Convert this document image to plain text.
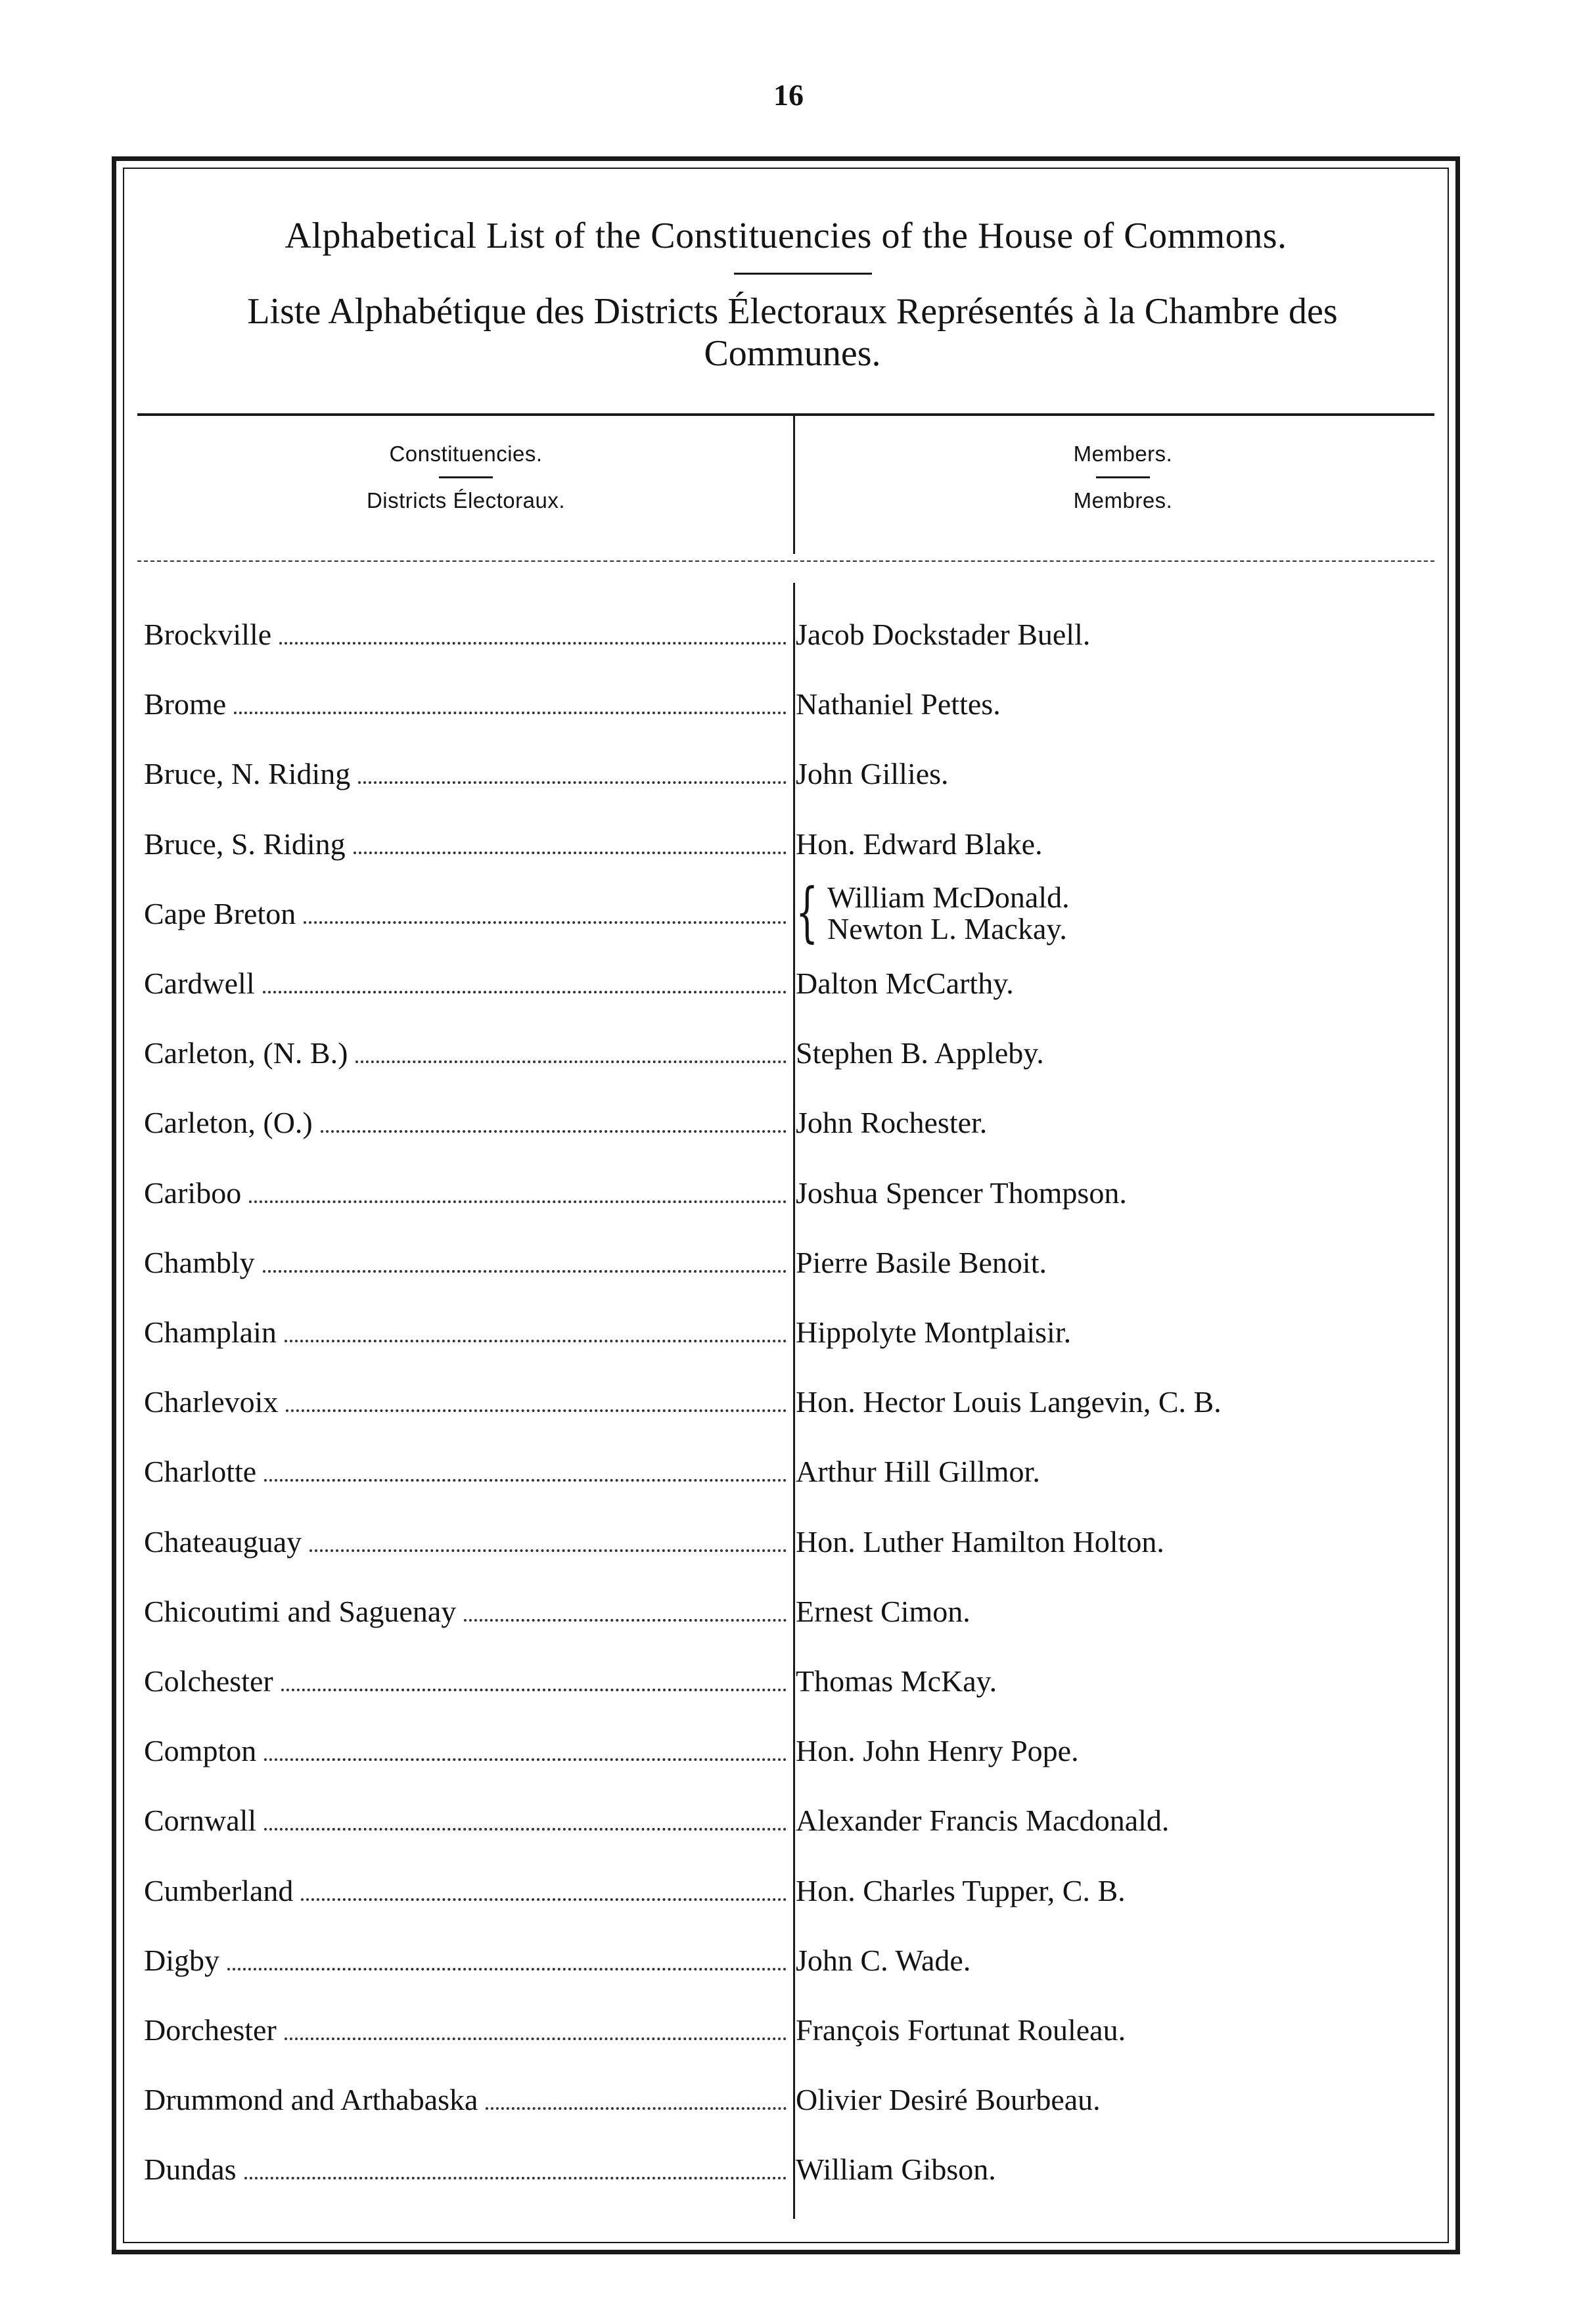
16
Alphabetical List of the Constituencies of the House of Commons.
Liste Alphabétique des Districts Électoraux Représentés à la Chambre des Communes.
Constituencies.
Districts Électoraux.
Members.
Membres.
Brockville	Jacob Dockstader Buell.
Brome	Nathaniel Pettes.
Bruce, N. Riding	John Gillies.
Bruce, S. Riding	Hon. Edward Blake.
Cape Breton	{ William McDonald.
Newton L. Mackay.
Cardwell	Dalton McCarthy.
Carleton, (N. B.)	Stephen B. Appleby.
Carleton, (O.)	John Rochester.
Cariboo	Joshua Spencer Thompson.
Chambly	Pierre Basile Benoit.
Champlain	Hippolyte Montplaisir.
Charlevoix	Hon. Hector Louis Langevin, C. B.
Charlotte	Arthur Hill Gillmor.
Chateauguay	Hon. Luther Hamilton Holton.
Chicoutimi and Saguenay	Ernest Cimon.
Colchester	Thomas McKay.
Compton	Hon. John Henry Pope.
Cornwall	Alexander Francis Macdonald.
Cumberland	Hon. Charles Tupper, C. B.
Digby	John C. Wade.
Dorchester	François Fortunat Rouleau.
Drummond and Arthabaska	Olivier Desiré Bourbeau.
Dundas	William Gibson.
